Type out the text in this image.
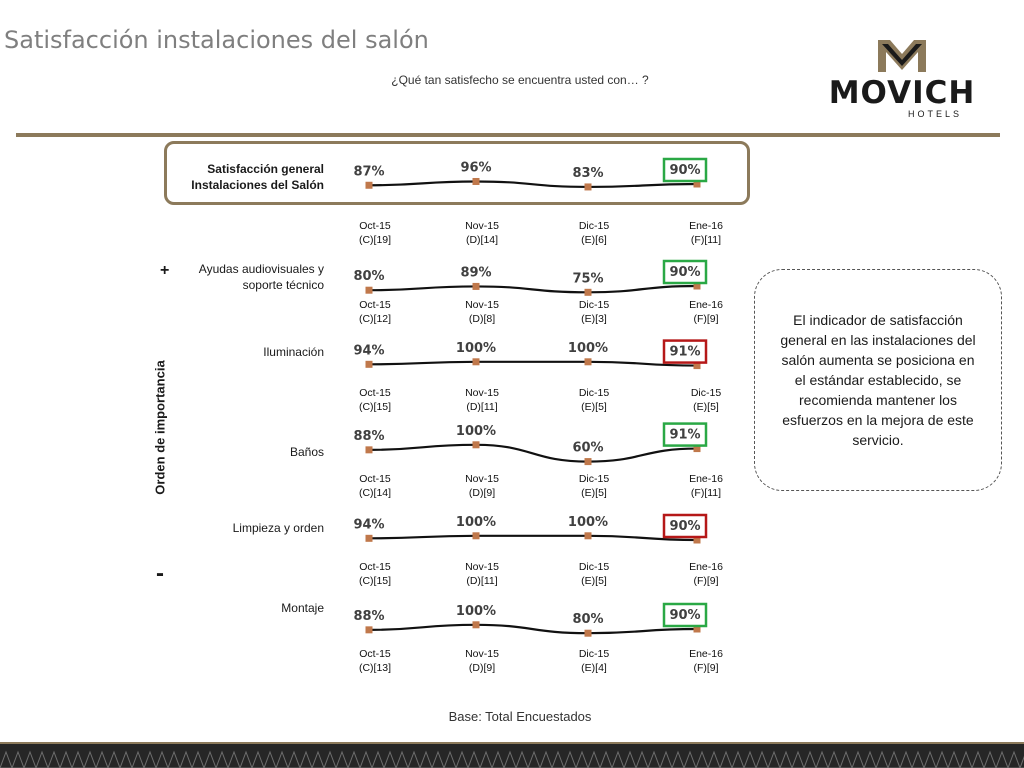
Satisfacción instalaciones del salón
¿Qué tan satisfecho se encuentra usted con… ?	MOVICH
HOTELS
+
-
Orden de importancia
Satisfacción general
Instalaciones del Salón
Ayudas audiovisuales y
soporte técnico
Iluminación
Baños
Limpieza y orden
Montaje
87%
Oct-15
(C)[19]
96%
Nov-15
(D)[14]
83%
Dic-15
(E)[6]
90%
Ene-16
(F)[11]
80%
Oct-15
(C)[12]
89%
Nov-15
(D)[8]
75%
Dic-15
(E)[3]
90%
Ene-16
(F)[9]
94%
Oct-15
(C)[15]
100%
Nov-15
(D)[11]
100%
Dic-15
(E)[5]
91%
Dic-15
(E)[5]
88%
Oct-15
(C)[14]
100%
Nov-15
(D)[9]
60%
Dic-15
(E)[5]
91%
Ene-16
(F)[11]
94%
Oct-15
(C)[15]
100%
Nov-15
(D)[11]
100%
Dic-15
(E)[5]
90%
Ene-16
(F)[9]
88%
Oct-15
(C)[13]
100%
Nov-15
(D)[9]
80%
Dic-15
(E)[4]
90%
Ene-16
(F)[9]
El indicador de satisfacción general en las instalaciones del salón aumenta se posiciona en el estándar establecido, se recomienda mantener los esfuerzos en la mejora de este servicio.
Base: Total Encuestados
